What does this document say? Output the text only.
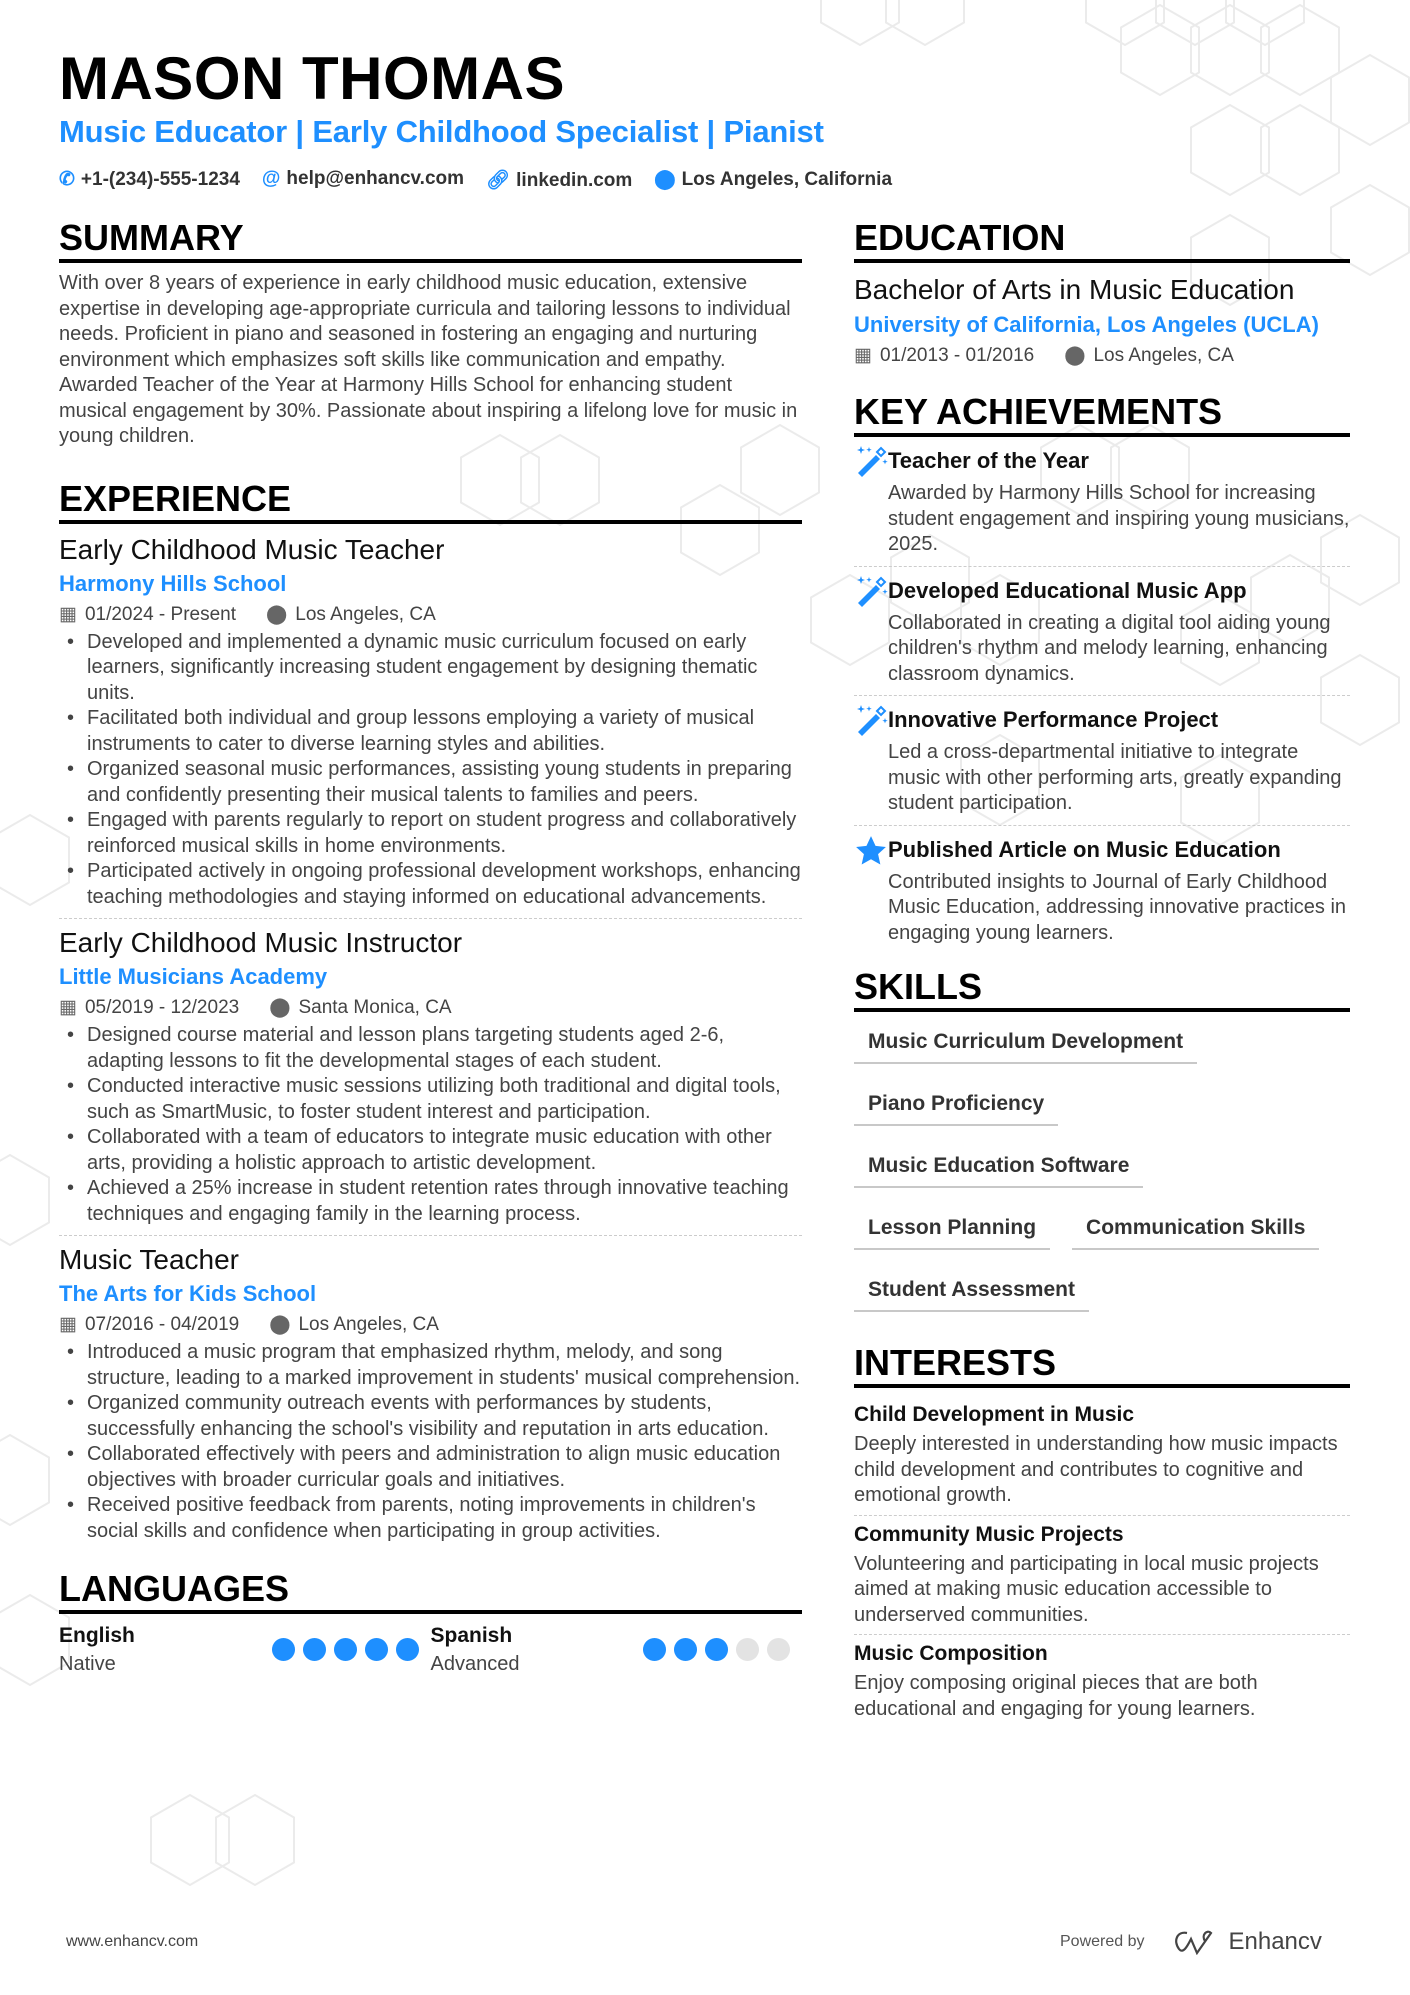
MASON THOMAS
Music Educator | Early Childhood Specialist | Pianist
✆ +1-(234)-555-1234 @ help@enhancv.com 🔗︎ linkedin.com ⬤ Los Angeles, California
SUMMARY

With over 8 years of experience in early childhood music education, extensive expertise in developing age-appropriate curricula and tailoring lessons to individual needs. Proficient in piano and seasoned in fostering an engaging and nurturing environment which emphasizes soft skills like communication and empathy. Awarded Teacher of the Year at Harmony Hills School for enhancing student musical engagement by 30%. Passionate about inspiring a lifelong love for music in young children.

EXPERIENCE
Early Childhood Music Teacher
Harmony Hills School
▦ 01/2024 - Present ⬤ Los Angeles, CA
• Developed and implemented a dynamic music curriculum focused on early learners, significantly increasing student engagement by designing thematic units.
• Facilitated both individual and group lessons employing a variety of musical instruments to cater to diverse learning styles and abilities.
• Organized seasonal music performances, assisting young students in preparing and confidently presenting their musical talents to families and peers.
• Engaged with parents regularly to report on student progress and collaboratively reinforced musical skills in home environments.
• Participated actively in ongoing professional development workshops, enhancing teaching methodologies and staying informed on educational advancements.
Early Childhood Music Instructor
Little Musicians Academy
▦ 05/2019 - 12/2023 ⬤ Santa Monica, CA
• Designed course material and lesson plans targeting students aged 2-6, adapting lessons to fit the developmental stages of each student.
• Conducted interactive music sessions utilizing both traditional and digital tools, such as SmartMusic, to foster student interest and participation.
• Collaborated with a team of educators to integrate music education with other arts, providing a holistic approach to artistic development.
• Achieved a 25% increase in student retention rates through innovative teaching techniques and engaging family in the learning process.
Music Teacher
The Arts for Kids School
▦ 07/2016 - 04/2019 ⬤ Los Angeles, CA
• Introduced a music program that emphasized rhythm, melody, and song structure, leading to a marked improvement in students' musical comprehension.
• Organized community outreach events with performances by students, successfully enhancing the school's visibility and reputation in arts education.
• Collaborated effectively with peers and administration to align music education objectives with broader curricular goals and initiatives.
• Received positive feedback from parents, noting improvements in children's social skills and confidence when participating in group activities.
LANGUAGES
English
Native
Spanish
Advanced
EDUCATION
Bachelor of Arts in Music Education
University of California, Los Angeles (UCLA)
▦ 01/2013 - 01/2016 ⬤ Los Angeles, CA
KEY ACHIEVEMENTS
Teacher of the Year
Awarded by Harmony Hills School for increasing student engagement and inspiring young musicians, 2025.
Developed Educational Music App
Collaborated in creating a digital tool aiding young children's rhythm and melody learning, enhancing classroom dynamics.
Innovative Performance Project
Led a cross-departmental initiative to integrate music with other performing arts, greatly expanding student participation.
Published Article on Music Education
Contributed insights to Journal of Early Childhood Music Education, addressing innovative practices in engaging young learners.
SKILLS
Music Curriculum Development
Piano Proficiency
Music Education Software
Lesson Planning	Communication Skills
Student Assessment
INTERESTS
Child Development in Music
Deeply interested in understanding how music impacts child development and contributes to cognitive and emotional growth.
Community Music Projects
Volunteering and participating in local music projects aimed at making music education accessible to underserved communities.
Music Composition
Enjoy composing original pieces that are both educational and engaging for young learners.
www.enhancv.com	Powered by	Enhancv
